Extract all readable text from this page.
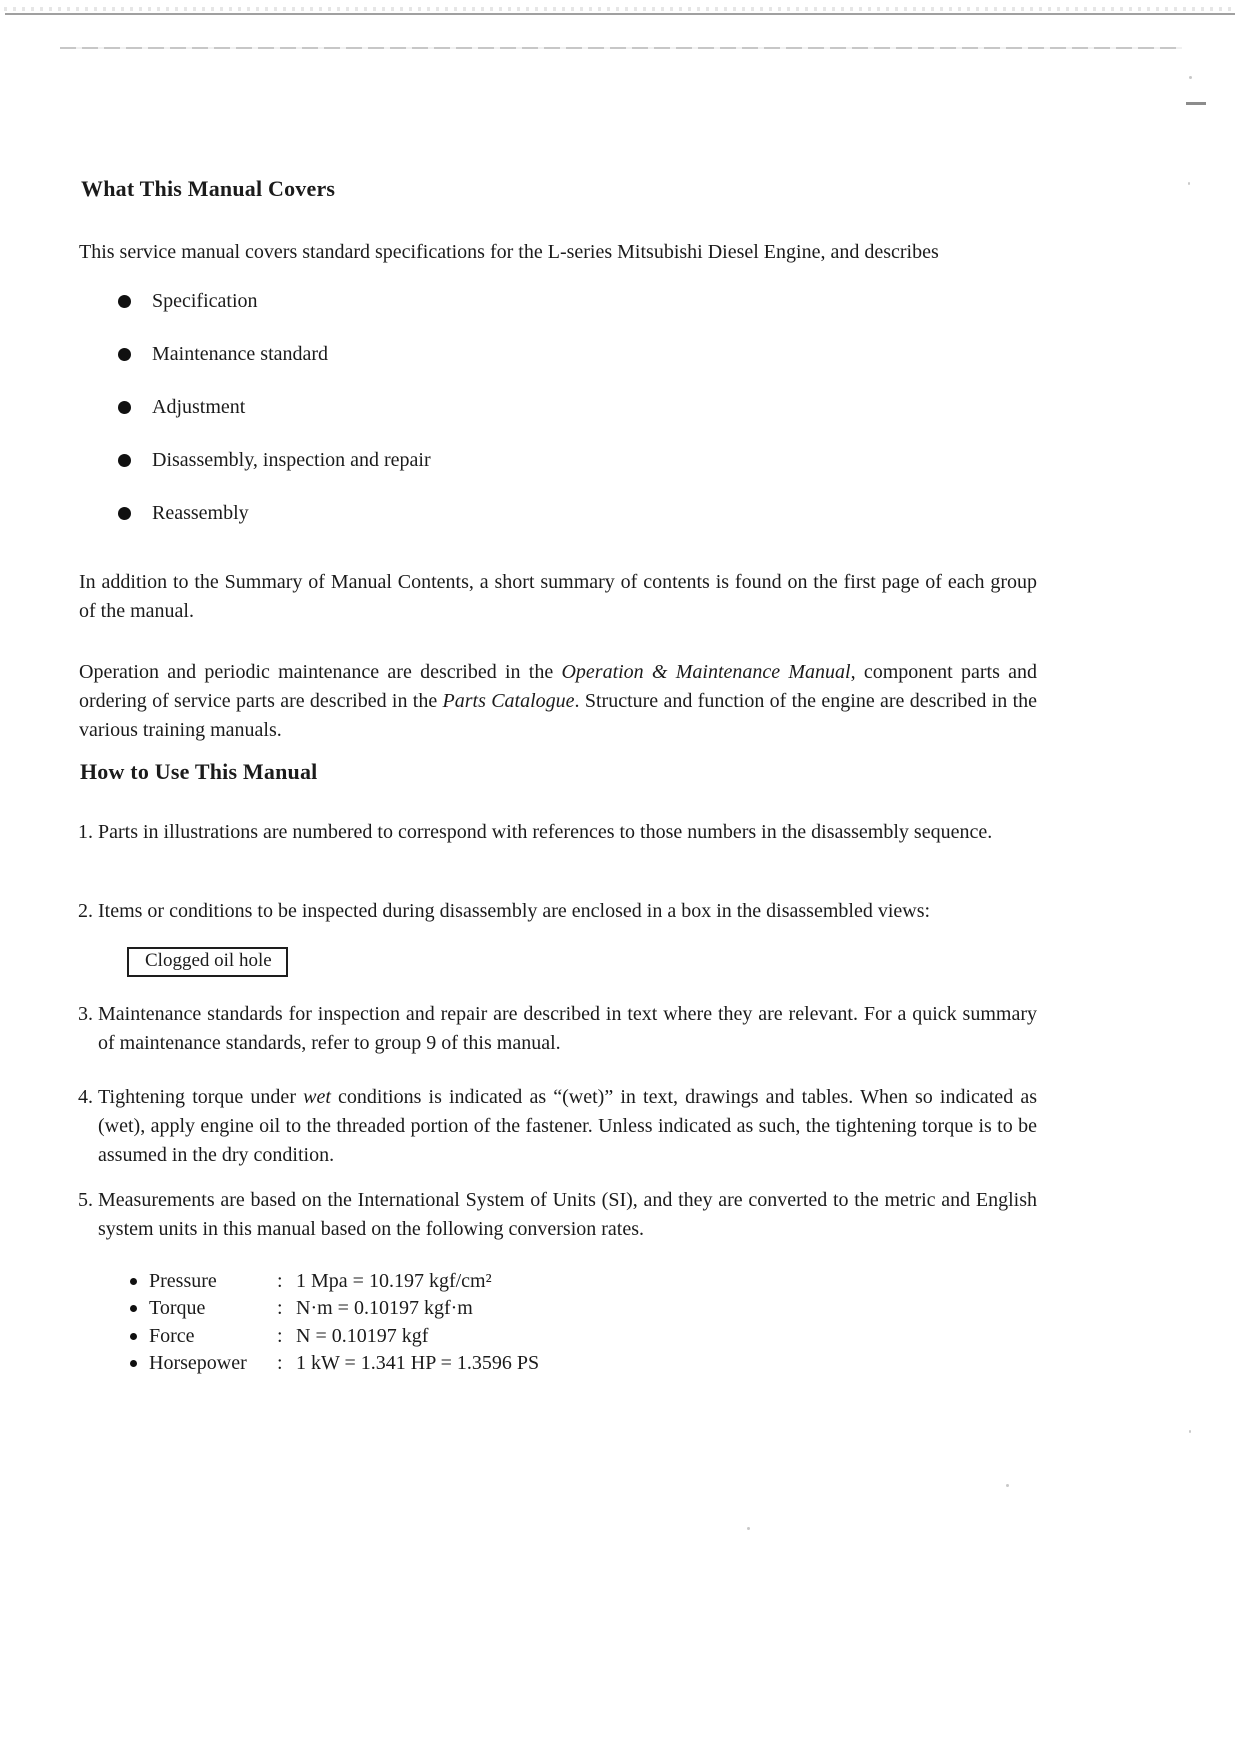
What This Manual Covers
This service manual covers standard specifications for the L-series Mitsubishi Diesel Engine, and describes
Specification
Maintenance standard
Adjustment
Disassembly, inspection and repair
Reassembly
In addition to the Summary of Manual Contents, a short summary of contents is found on the first page of each group of the manual.
Operation and periodic maintenance are described in the Operation & Maintenance Manual, component parts and ordering of service parts are described in the Parts Catalogue. Structure and function of the engine are described in the various training manuals.
How to Use This Manual
1. Parts in illustrations are numbered to correspond with references to those numbers in the disassembly sequence.
2. Items or conditions to be inspected during disassembly are enclosed in a box in the disassembled views:
Clogged oil hole
3. Maintenance standards for inspection and repair are described in text where they are relevant. For a quick summary of maintenance standards, refer to group 9 of this manual.
4. Tightening torque under wet conditions is indicated as “(wet)” in text, drawings and tables. When so indicated as (wet), apply engine oil to the threaded portion of the fastener. Unless indicated as such, the tightening torque is to be assumed in the dry condition.
5. Measurements are based on the International System of Units (SI), and they are converted to the metric and English system units in this manual based on the following conversion rates.
Pressure	: 1 Mpa = 10.197 kgf/cm²
Torque	: N·m = 0.10197 kgf·m
Force	: N = 0.10197 kgf
Horsepower	: 1 kW = 1.341 HP = 1.3596 PS
